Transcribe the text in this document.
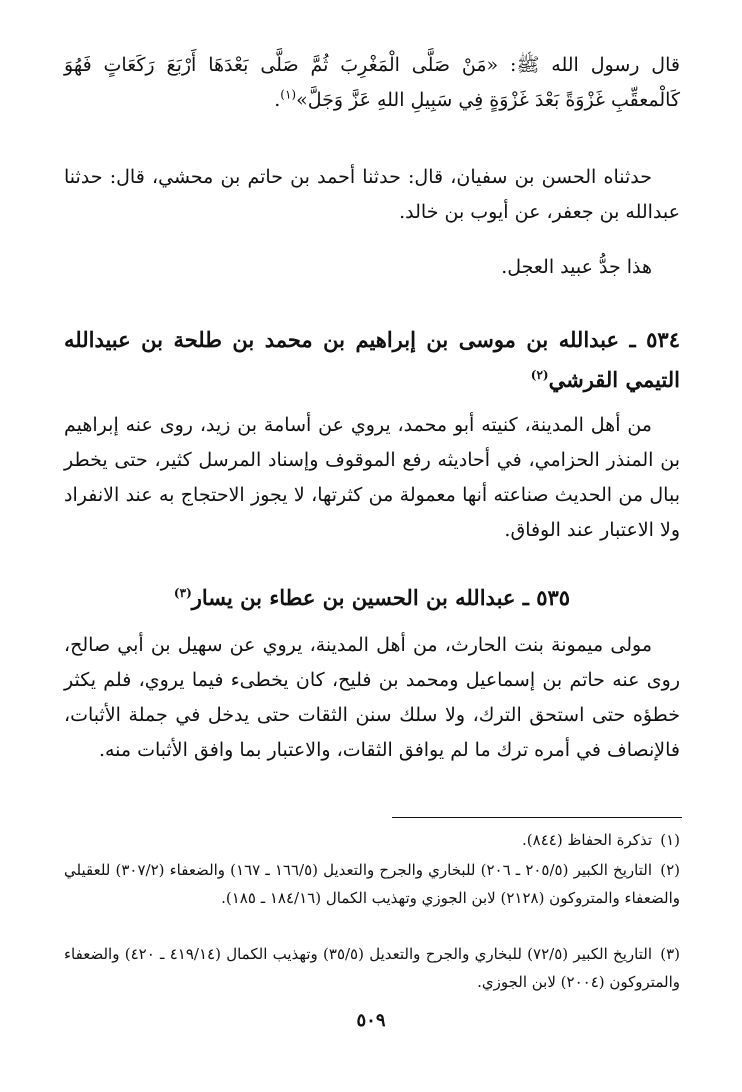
قال رسول الله ﷺ: «مَنْ صَلَّى الْمَغْرِبَ ثُمَّ صَلَّى بَعْدَهَا أَرْبَعَ رَكَعَاتٍ فَهُوَ كَالْمعقِّبِ غَزْوَةً بَعْدَ غَزْوَةٍ فِي سَبِيلِ اللهِ عَزَّ وَجَلَّ»$^{(١)}$.

حدثناه الحسن بن سفيان، قال: حدثنا أحمد بن حاتم بن محشي، قال: حدثنا عبدالله بن جعفر، عن أيوب بن خالد.

هذا جدُّ عبيد العجل.

٥٣٤ ـ عبدالله بن موسى بن إبراهيم بن محمد بن طلحة بن عبيدالله التيمي القرشي$^{(٢)}$

من أهل المدينة، كنيته أبو محمد، يروي عن أسامة بن زيد، روى عنه إبراهيم بن المنذر الحزامي، في أحاديثه رفع الموقوف وإسناد المرسل كثير، حتى يخطر ببال من الحديث صناعته أنها معمولة من كثرتها، لا يجوز الاحتجاج به عند الانفراد ولا الاعتبار عند الوفاق.

٥٣٥ ـ عبدالله بن الحسين بن عطاء بن يسار$^{(٣)}$

مولى ميمونة بنت الحارث، من أهل المدينة، يروي عن سهيل بن أبي صالح، روى عنه حاتم بن إسماعيل ومحمد بن فليح، كان يخطىء فيما يروي، فلم يكثر خطؤه حتى استحق الترك، ولا سلك سنن الثقات حتى يدخل في جملة الأثبات، فالإنصاف في أمره ترك ما لم يوافق الثقات، والاعتبار بما وافق الأثبات منه.

(١)تذكرة الحفاظ (٨٤٤).
(٢)التاريخ الكبير (٢٠٥/٥ ـ ٢٠٦) للبخاري والجرح والتعديل (١٦٦/٥ ـ ١٦٧) والضعفاء (٣٠٧/٢) للعقيلي والضعفاء والمتروكون (٢١٢٨) لابن الجوزي وتهذيب الكمال (١٨٤/١٦ ـ ١٨٥).
(٣)التاريخ الكبير (٧٢/٥) للبخاري والجرح والتعديل (٣٥/٥) وتهذيب الكمال (٤١٩/١٤ ـ ٤٢٠) والضعفاء والمتروكون (٢٠٠٤) لابن الجوزي.
٥٠٩
